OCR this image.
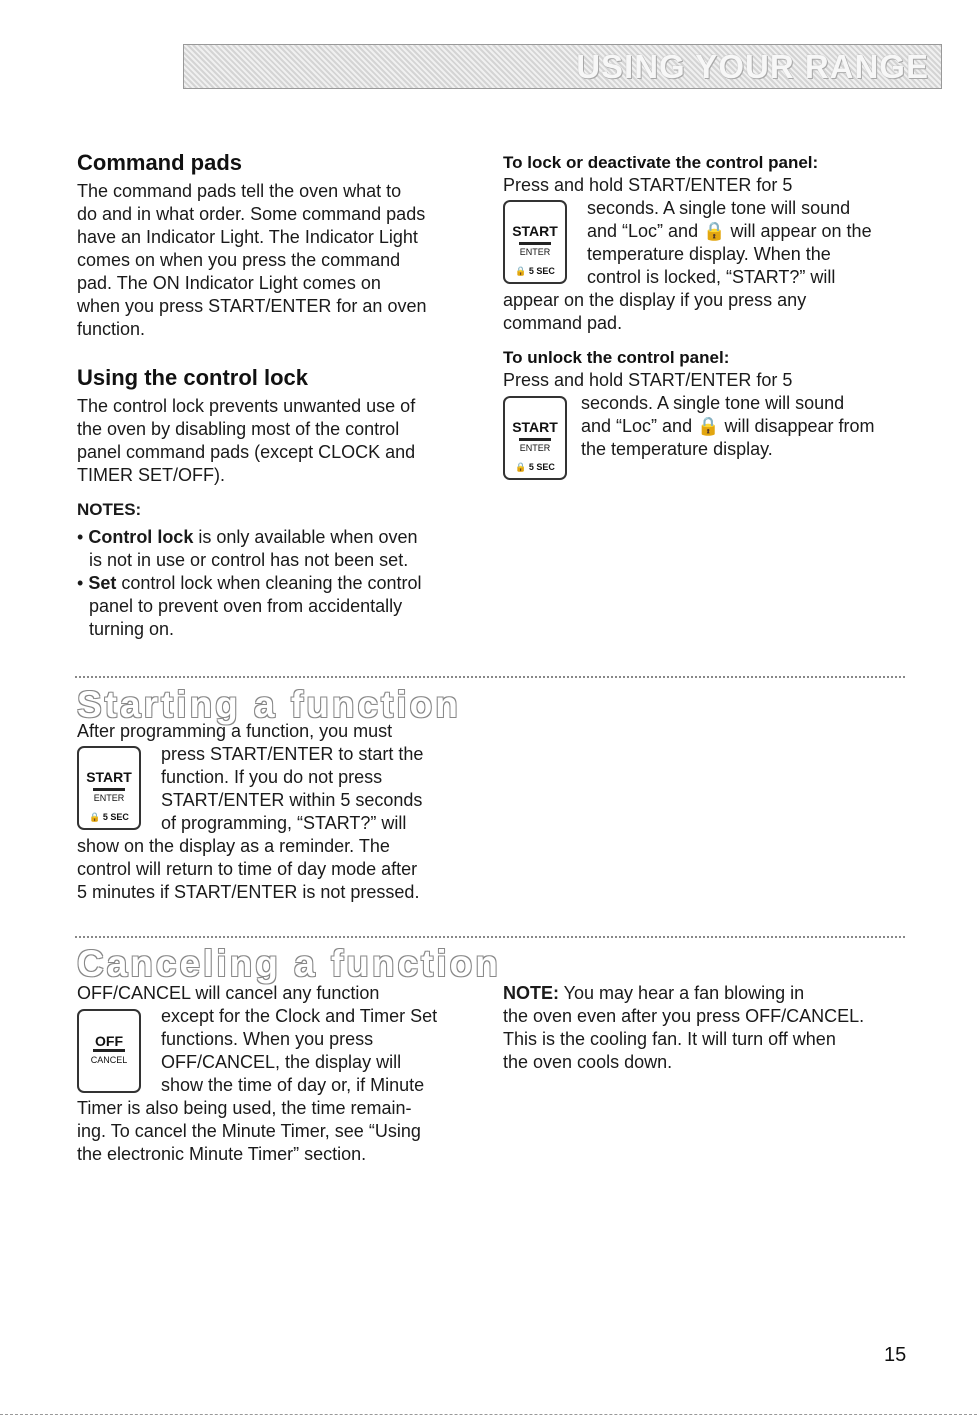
USING YOUR RANGE
Command pads
The command pads tell the oven what to
do and in what order. Some command pads
have an Indicator Light. The Indicator Light
comes on when you press the command
pad. The ON Indicator Light comes on
when you press START/ENTER for an oven
function.
Using the control lock
The control lock prevents unwanted use of
the oven by disabling most of the control
panel command pads (except CLOCK and
TIMER SET/OFF).
NOTES:
• Control lock is only available when oven
is not in use or control has not been set.
• Set control lock when cleaning the control
panel to prevent oven from accidentally
turning on.
To lock or deactivate the control panel:
Press and hold START/ENTER for 5
START
ENTER
🔒 5 SEC
seconds. A single tone will sound
and “Loc” and 🔒 will appear on the
temperature display. When the
control is locked, “START?” will
appear on the display if you press any
command pad.
To unlock the control panel:
Press and hold START/ENTER for 5
START
ENTER
🔒 5 SEC
seconds. A single tone will sound
and “Loc” and 🔒 will disappear from
the temperature display.
Starting a function
After programming a function, you must
START
ENTER
🔒 5 SEC
press START/ENTER to start the
function. If you do not press
START/ENTER within 5 seconds
of programming, “START?” will
show on the display as a reminder. The
control will return to time of day mode after
5 minutes if START/ENTER is not pressed.
Canceling a function
OFF/CANCEL will cancel any function
OFF
CANCEL
except for the Clock and Timer Set
functions. When you press
OFF/CANCEL, the display will
show the time of day or, if Minute
Timer is also being used, the time remain-
ing. To cancel the Minute Timer, see “Using
the electronic Minute Timer” section.
NOTE: You may hear a fan blowing in
the oven even after you press OFF/CANCEL.
This is the cooling fan. It will turn off when
the oven cools down.
15
